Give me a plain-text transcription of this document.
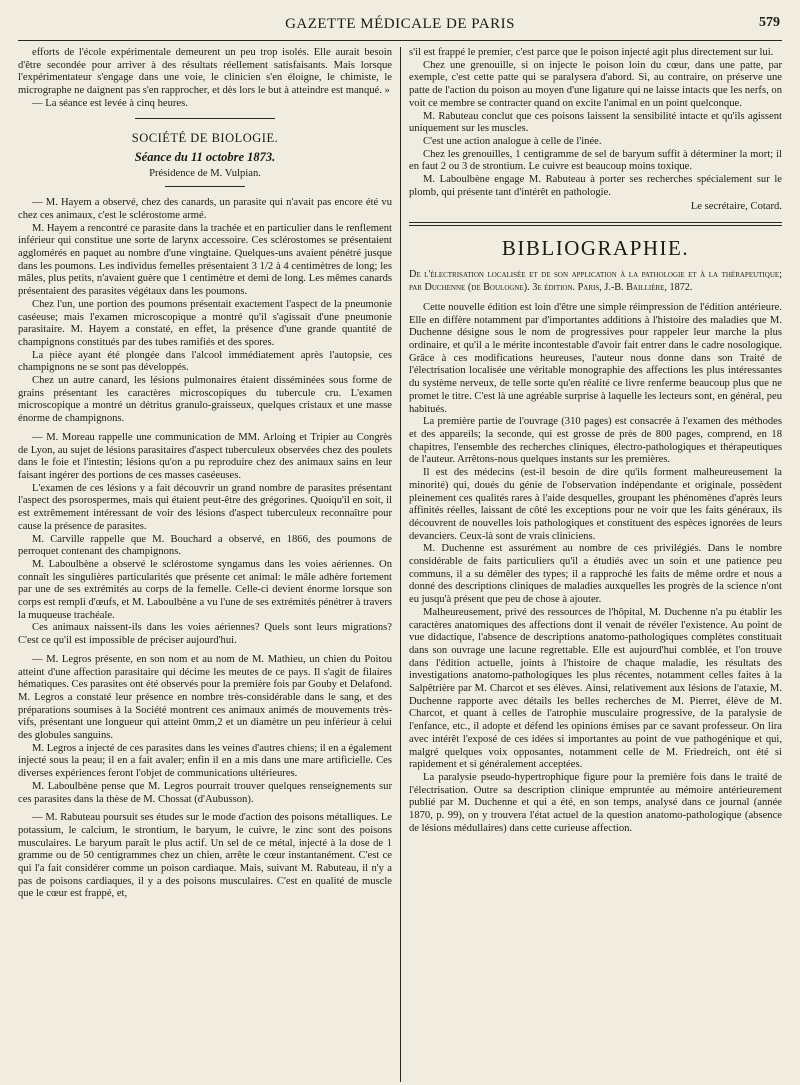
GAZETTE MÉDICALE DE PARIS	579

efforts de l'école expérimentale demeurent un peu trop isolés. Elle aurait besoin d'être secondée pour arriver à des résultats réellement satisfaisants. Mais lorsque l'expérimentateur s'engage dans une voie, le clinicien s'en éloigne, le chimiste, le micrographe ne daignent pas s'en rapprocher, et dès lors le but à atteindre est manqué. »

— La séance est levée à cinq heures.

SOCIÉTÉ DE BIOLOGIE.
Séance du 11 octobre 1873.

Présidence de M. Vulpian.

— M. Hayem a observé, chez des canards, un parasite qui n'avait pas encore été vu chez ces animaux, c'est le sclérostome armé.

M. Hayem a rencontré ce parasite dans la trachée et en particulier dans le renflement inférieur qui constitue une sorte de larynx accessoire. Ces sclérostomes se présentaient agglomérés en paquet au nombre d'une vingtaine. Quelques-uns avaient pénétré jusque dans les poumons. Les individus femelles présentaient 3 1/2 à 4 centimètres de long; les mâles, plus petits, n'avaient guère que 1 centimètre et demi de long. Les mêmes canards présentaient des parasites végétaux dans les poumons.

Chez l'un, une portion des poumons présentait exactement l'aspect de la pneumonie caséeuse; mais l'examen microscopique a montré qu'il s'agissait d'une pneumonie parasitaire. M. Hayem a constaté, en effet, la présence d'une grande quantité de champignons constitués par des tubes ramifiés et des spores.

La pièce ayant été plongée dans l'alcool immédiatement après l'autopsie, ces champignons ne se sont pas développés.

Chez un autre canard, les lésions pulmonaires étaient disséminées sous forme de grains présentant les caractères microscopiques du tubercule cru. L'examen microscopique a montré un détritus granulo-graisseux, quelques cristaux et une masse énorme de champignons.

— M. Moreau rappelle une communication de MM. Arloing et Tripier au Congrès de Lyon, au sujet de lésions parasitaires d'aspect tuberculeux observées chez des poulets dans le foie et l'intestin; lésions qu'on a pu reproduire chez des animaux sains en leur faisant ingérer des portions de ces masses caséeuses.

L'examen de ces lésions y a fait découvrir un grand nombre de parasites présentant l'aspect des psorospermes, mais qui étaient peut-être des grégorines. Quoiqu'il en soit, il est extrêmement intéressant de voir des lésions d'aspect tuberculeux reconnaître pour cause la présence de parasites.

M. Carville rappelle que M. Bouchard a observé, en 1866, des poumons de perroquet contenant des champignons.

M. Laboulbène a observé le sclérostome syngamus dans les voies aériennes. On connaît les singulières particularités que présente cet animal: le mâle adhère fortement par une de ses extrémités au corps de la femelle. Celle-ci devient énorme lorsque son corps est rempli d'œufs, et M. Laboulbène a vu l'une de ses extrémités pénétrer à travers la muqueuse trachéale.

Ces animaux naissent-ils dans les voies aériennes? Quels sont leurs migrations? C'est ce qu'il est impossible de préciser aujourd'hui.

— M. Legros présente, en son nom et au nom de M. Mathieu, un chien du Poitou atteint d'une affection parasitaire qui décime les meutes de ce pays. Il s'agit de filaires hématiques. Ces parasites ont été observés pour la première fois par Gouby et Delafond. M. Legros a constaté leur présence en nombre très-considérable dans le sang, et des préparations soumises à la Société montrent ces animaux animés de mouvements très-vifs, présentant une longueur qui atteint 0mm,2 et un diamètre un peu inférieur à celui des globules sanguins.

M. Legros a injecté de ces parasites dans les veines d'autres chiens; il en a également injecté sous la peau; il en a fait avaler; enfin il en a mis dans une mare artificielle. Ces diverses expériences feront l'objet de communications ultérieures.

M. Laboulbène pense que M. Legros pourrait trouver quelques renseignements sur ces parasites dans la thèse de M. Chossat (d'Aubusson).

— M. Rabuteau poursuit ses études sur le mode d'action des poisons métalliques. Le potassium, le calcium, le strontium, le baryum, le cuivre, le zinc sont des poisons musculaires. Le baryum paraît le plus actif. Un sel de ce métal, injecté à la dose de 1 gramme ou de 50 centigrammes chez un chien, arrête le cœur instantanément. C'est ce qui l'a fait considérer comme un poison cardiaque. Mais, suivant M. Rabuteau, il n'y a pas de poisons cardiaques, il y a des poisons musculaires. C'est en qualité de muscle que le cœur est frappé, et,

s'il est frappé le premier, c'est parce que le poison injecté agit plus directement sur lui.

Chez une grenouille, si on injecte le poison loin du cœur, dans une patte, par exemple, c'est cette patte qui se paralysera d'abord. Si, au contraire, on préserve une patte de l'action du poison au moyen d'une ligature qui ne laisse intacts que les nerfs, on voit ce membre se contracter quand on excite l'animal en un point quelconque.

M. Rabuteau conclut que ces poisons laissent la sensibilité intacte et qu'ils agissent uniquement sur les muscles.

C'est une action analogue à celle de l'inée.

Chez les grenouilles, 1 centigramme de sel de baryum suffit à déterminer la mort; il en faut 2 ou 3 de strontium. Le cuivre est beaucoup moins toxique.

M. Laboulbène engage M. Rabuteau à porter ses recherches spécialement sur le plomb, qui présente tant d'intérêt en pathologie.

Le secrétaire, Cotard.

BIBLIOGRAPHIE.

De l'électrisation localisée et de son application à la pathologie et à la thérapeutique; par Duchenne (de Boulogne). 3e édition. Paris, J.-B. Baillière, 1872.

Cette nouvelle édition est loin d'être une simple réimpression de l'édition antérieure. Elle en diffère notamment par d'importantes additions à l'histoire des maladies que M. Duchenne désigne sous le nom de progressives pour rappeler leur marche la plus ordinaire, et qu'il a le mérite incontestable d'avoir fait entrer dans le cadre nosologique. Grâce à ces modifications heureuses, l'auteur nous donne dans son Traité de l'électrisation localisée une véritable monographie des affections les plus intéressantes du système nerveux, de telle sorte qu'en réalité ce livre renferme beaucoup plus que ne promet le titre. C'est là une agréable surprise à laquelle les lecteurs sont, en général, peu habitués.

La première partie de l'ouvrage (310 pages) est consacrée à l'examen des méthodes et des appareils; la seconde, qui est grosse de près de 800 pages, comprend, en 18 chapitres, l'ensemble des recherches cliniques, électro-pathologiques et thérapeutiques de l'auteur. Arrêtons-nous quelques instants sur les premières.

Il est des médecins (est-il besoin de dire qu'ils forment malheureusement la minorité) qui, doués du génie de l'observation indépendante et originale, possèdent pleinement ces qualités rares à l'aide desquelles, groupant les phénomènes d'après leurs affinités réelles, laissant de côté les exceptions pour ne voir que les faits généraux, ils découvrent de nouvelles lois pathologiques et constituent des espèces ignorées de leurs devanciers. Ceux-là sont de vrais cliniciens.

M. Duchenne est assurément au nombre de ces privilégiés. Dans le nombre considérable de faits particuliers qu'il a étudiés avec un soin et une patience peu communs, il a su démêler des types; il a rapproché les faits de même ordre et nous a donné des descriptions cliniques de maladies auxquelles les progrès de la science n'ont eu jusqu'à présent que peu de chose à ajouter.

Malheureusement, privé des ressources de l'hôpital, M. Duchenne n'a pu établir les caractères anatomiques des affections dont il venait de révéler l'existence. Au point de vue didactique, l'absence de descriptions anatomo-pathologiques complètes constituait dans son ouvrage une lacune regrettable. Elle est aujourd'hui comblée, et l'on trouve dans l'édition actuelle, joints à l'histoire de chaque maladie, les résultats des investigations anatomo-pathologiques les plus récentes, notamment celles faites à la Salpêtrière par M. Charcot et ses élèves. Ainsi, relativement aux lésions de l'ataxie, M. Duchenne rapporte avec détails les belles recherches de M. Pierret, élève de M. Charcot, et quant à celles de l'atrophie musculaire progressive, de la paralysie de l'enfance, etc., il adopte et défend les opinions émises par ce savant professeur. On lira avec intérêt l'exposé de ces idées si importantes au point de vue pathogénique et qui, malgré quelques voix opposantes, notamment celle de M. Friedreich, ont été si rapidement et si généralement acceptées.

La paralysie pseudo-hypertrophique figure pour la première fois dans le traité de l'électrisation. Outre sa description clinique empruntée au mémoire antérieurement publié par M. Duchenne et qui a été, en son temps, analysé dans ce journal (année 1870, p. 99), on y trouvera l'état actuel de la question anatomo-pathologique (absence de lésions médullaires) dans cette curieuse affection.
